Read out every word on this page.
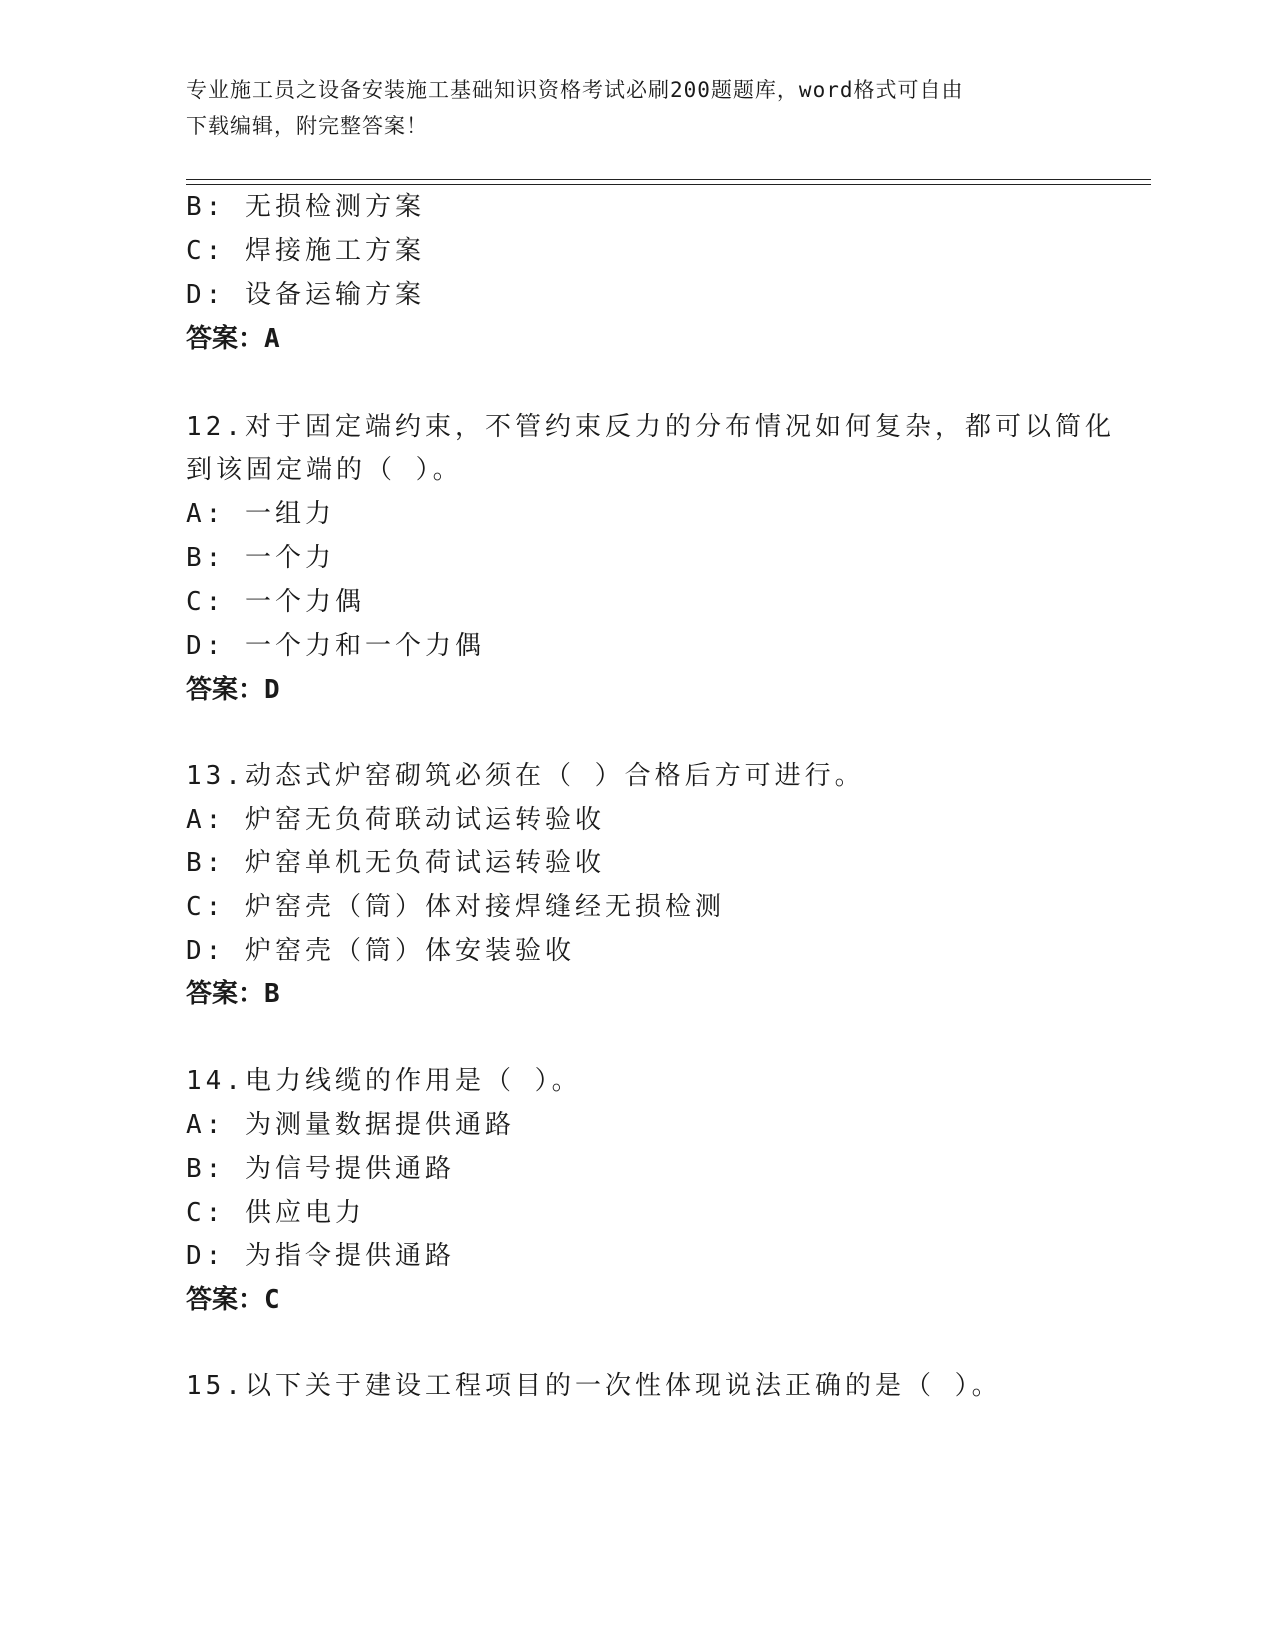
专业施工员之设备安装施工基础知识资格考试必刷200题题库，word格式可自由
下载编辑，附完整答案！
B: 无损检测方案
C: 焊接施工方案
D: 设备运输方案
答案：A
12.对于固定端约束，不管约束反力的分布情况如何复杂，都可以简化
到该固定端的（ ）。
A: 一组力
B: 一个力
C: 一个力偶
D: 一个力和一个力偶
答案：D
13.动态式炉窑砌筑必须在（ ）合格后方可进行。
A: 炉窑无负荷联动试运转验收
B: 炉窑单机无负荷试运转验收
C: 炉窑壳（筒）体对接焊缝经无损检测
D: 炉窑壳（筒）体安装验收
答案：B
14.电力线缆的作用是（ ）。
A: 为测量数据提供通路
B: 为信号提供通路
C: 供应电力
D: 为指令提供通路
答案：C
15.以下关于建设工程项目的一次性体现说法正确的是（ ）。
